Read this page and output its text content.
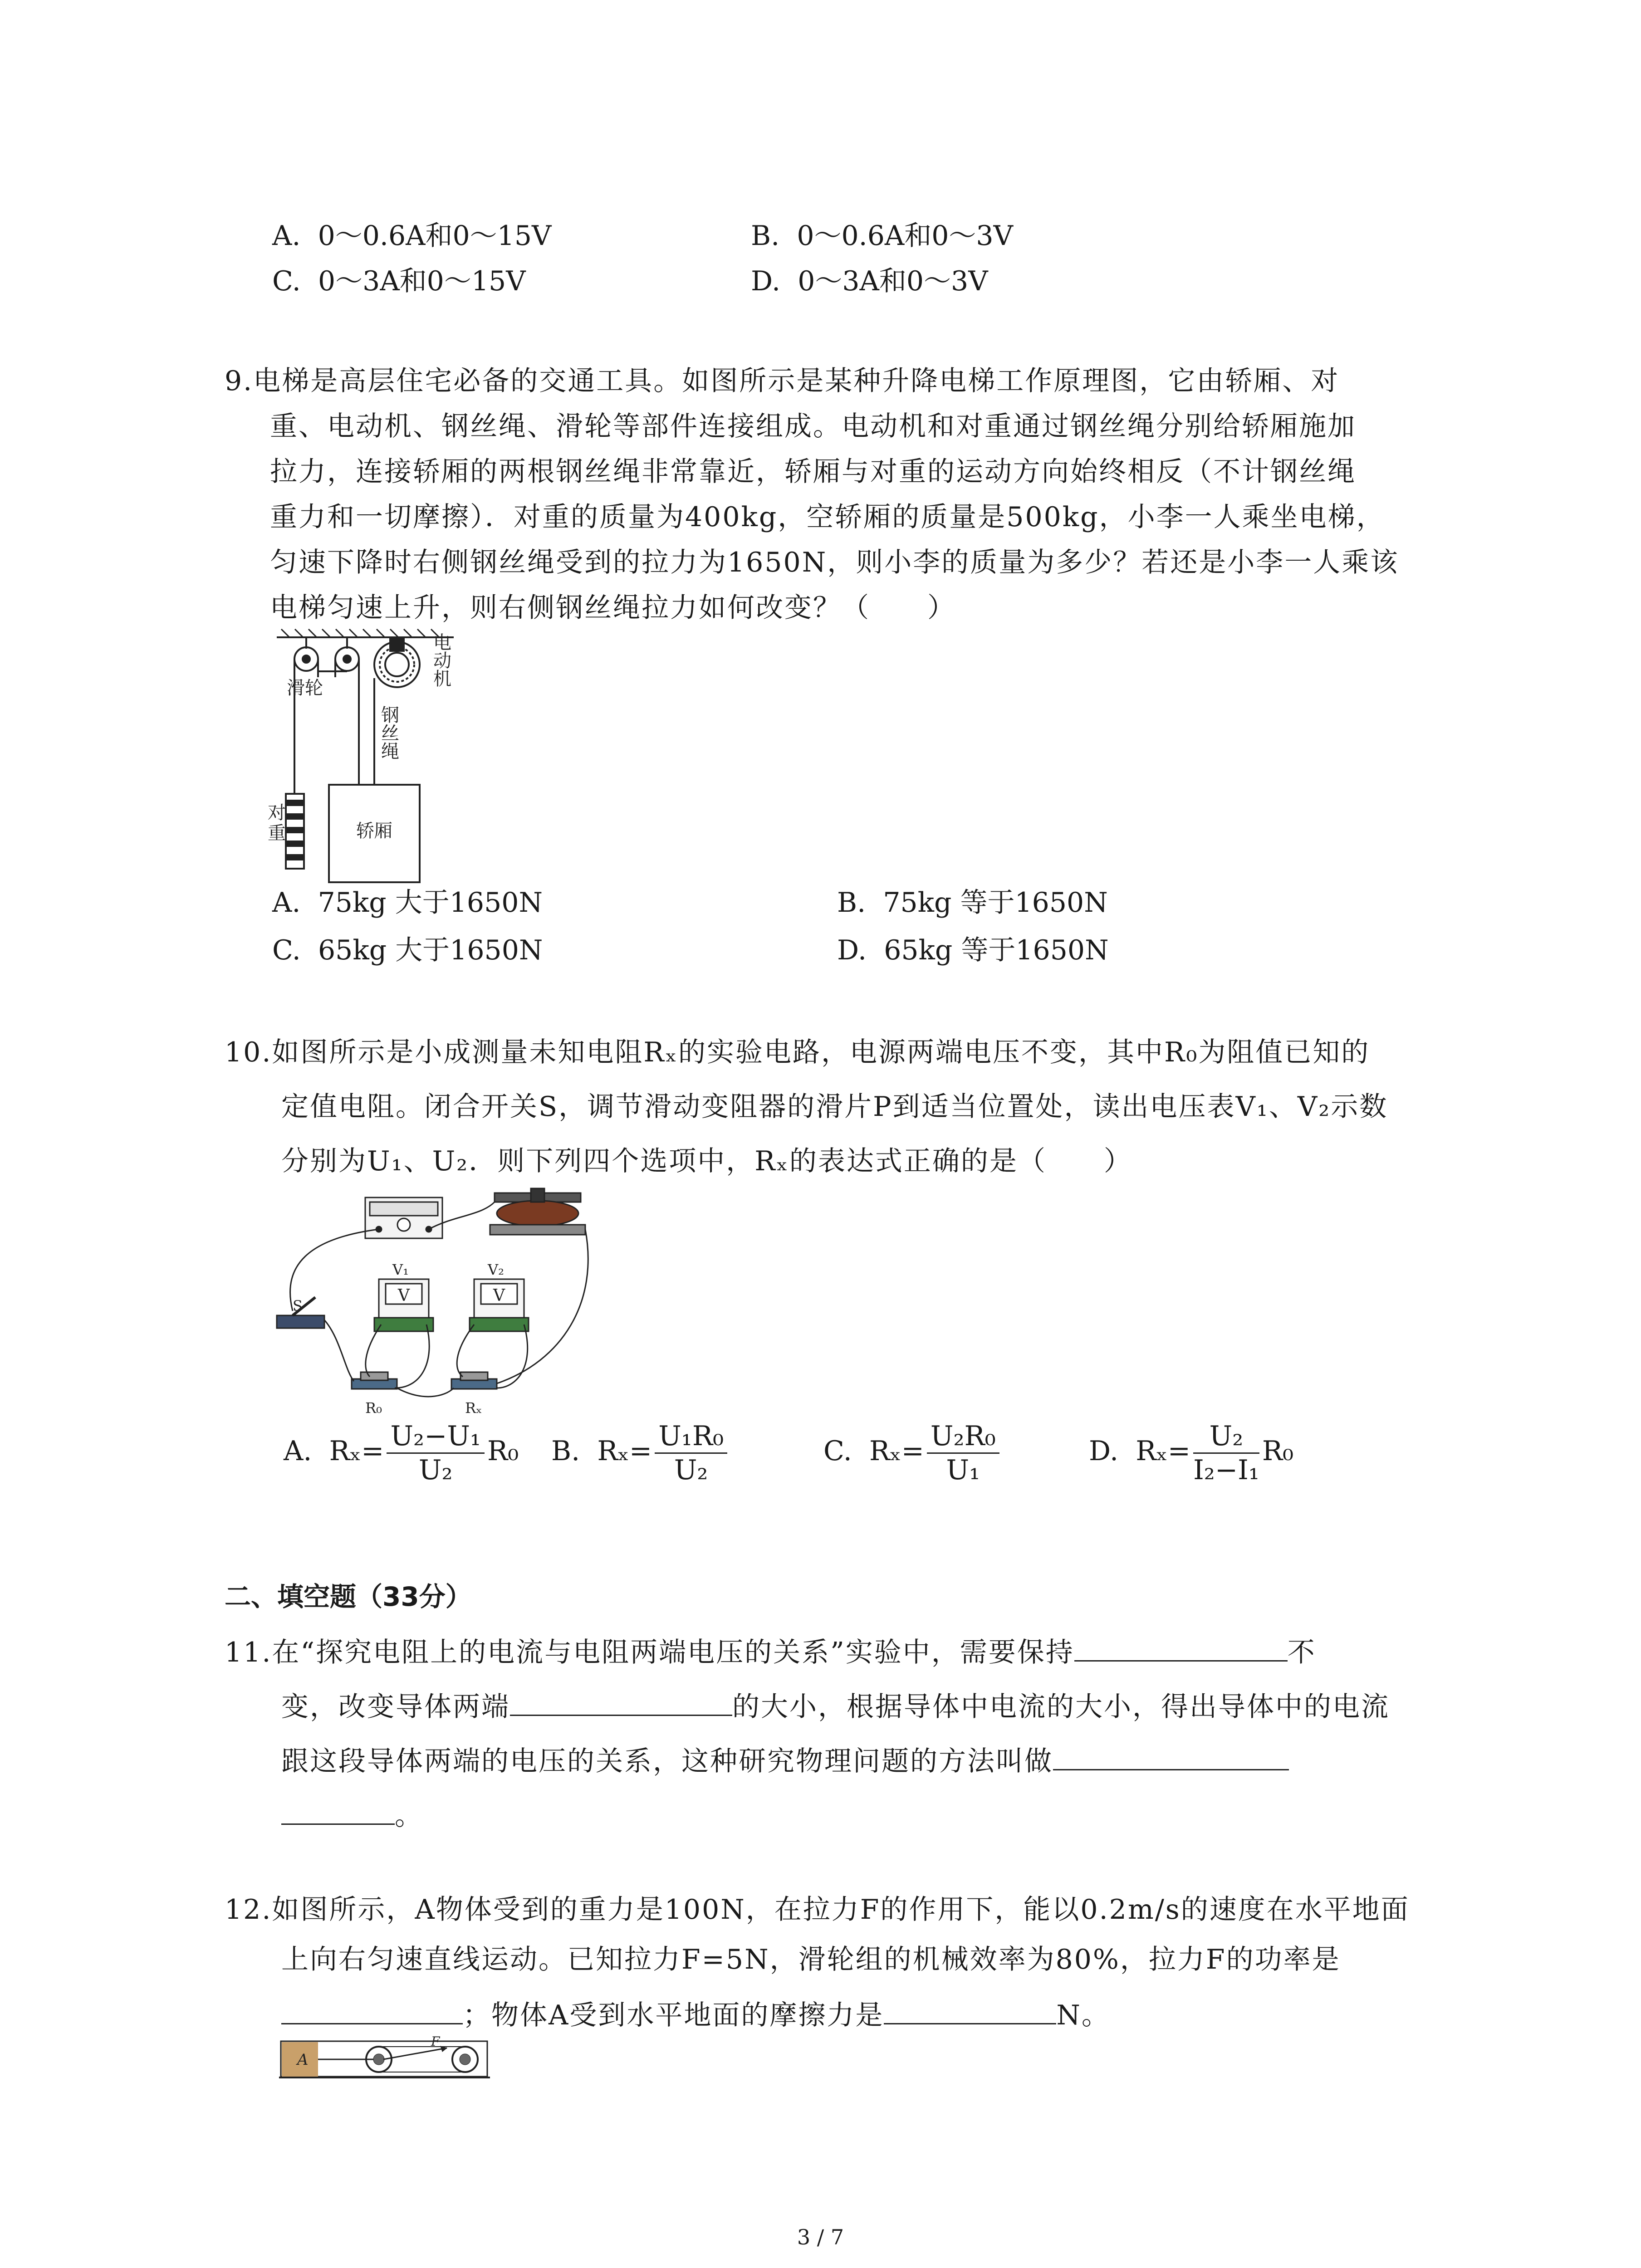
A. 0～0.6A和0～15V	B. 0～0.6A和0～3V
C. 0～3A和0～15V	D. 0～3A和0～3V
9.电梯是高层住宅必备的交通工具。如图所示是某种升降电梯工作原理图，它由轿厢、对
重、电动机、钢丝绳、滑轮等部件连接组成。电动机和对重通过钢丝绳分别给轿厢施加
拉力，连接轿厢的两根钢丝绳非常靠近，轿厢与对重的运动方向始终相反（不计钢丝绳
重力和一切摩擦）．对重的质量为400kg，空轿厢的质量是500kg，小李一人乘坐电梯，
匀速下降时右侧钢丝绳受到的拉力为1650N，则小李的质量为多少？若还是小李一人乘该
电梯匀速上升，则右侧钢丝绳拉力如何改变？（　　）
滑轮
电
动
机
钢
丝
绳
对
重	轿厢
A. 75kg 大于1650N	B. 75kg 等于1650N
C. 65kg 大于1650N	D. 65kg 等于1650N
10.如图所示是小成测量未知电阻Rₓ的实验电路，电源两端电压不变，其中R₀为阻值已知的
定值电阻。闭合开关S，调节滑动变阻器的滑片P到适当位置处，读出电压表V₁、V₂示数
分别为U₁、U₂．则下列四个选项中，Rₓ的表达式正确的是（　　）
V	V
S
V₁	V₂
R₀	Rₓ
A. $R_x= \frac{\text{U₂−U₁}}{\text{U₂}} R_0$ B. $R_x= \frac{\text{U₁R₀}}{\text{U₂}}$	C. $R_x= \frac{\text{U₂R₀}}{\text{U₁}}$	D. $R_x= \frac{\text{U₂}}{\text{I₂−I₁}} R_0$
二、填空题（33分）
11.在“探究电阻上的电流与电阻两端电压的关系”实验中，需要保持	不
变，改变导体两端	的大小，根据导体中电流的大小，得出导体中的电流
跟这段导体两端的电压的关系，这种研究物理问题的方法叫做
。
12.如图所示，A物体受到的重力是100N，在拉力F的作用下，能以0.2m/s的速度在水平地面
上向右匀速直线运动。已知拉力F=5N，滑轮组的机械效率为80%，拉力F的功率是
；物体A受到水平地面的摩擦力是	N。
A
F
3 / 7
